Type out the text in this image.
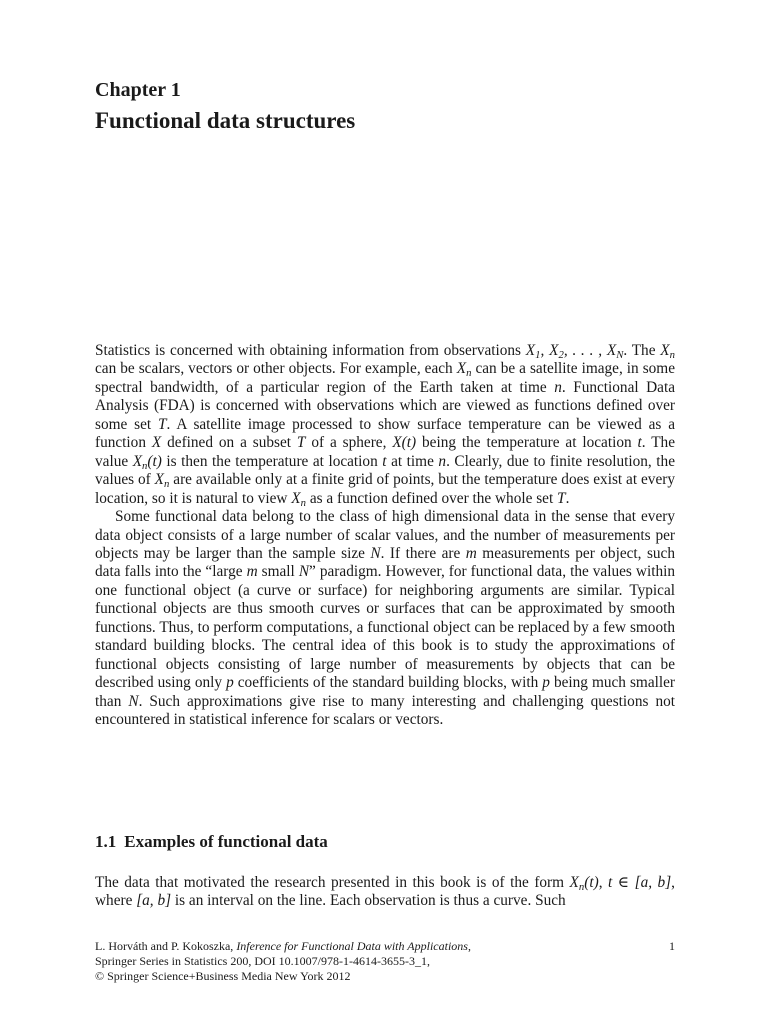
Chapter 1
Functional data structures

Statistics is concerned with obtaining information from observations $X_1$, $X_2$, . . . , $X_N$. The $X_n$ can be scalars, vectors or other objects. For example, each $X_n$ can be a satellite image, in some spectral bandwidth, of a particular region of the Earth taken at time n. Functional Data Analysis (FDA) is concerned with observations which are viewed as functions defined over some set T. A satellite image processed to show surface temperature can be viewed as a function X defined on a subset T of a sphere, X(t) being the temperature at location t. The value $X_n(t)$ is then the temperature at location t at time n. Clearly, due to finite resolution, the values of $X_n$ are available only at a finite grid of points, but the temperature does exist at every location, so it is natural to view $X_n$ as a function defined over the whole set T.

Some functional data belong to the class of high dimensional data in the sense that every data object consists of a large number of scalar values, and the number of measurements per objects may be larger than the sample size N. If there are m measurements per object, such data falls into the “large m small N” paradigm. However, for functional data, the values within one functional object (a curve or surface) for neighboring arguments are similar. Typical functional objects are thus smooth curves or surfaces that can be approximated by smooth functions. Thus, to perform computations, a functional object can be replaced by a few smooth standard building blocks. The central idea of this book is to study the approximations of functional objects consisting of large number of measurements by objects that can be described using only p coefficients of the standard building blocks, with p being much smaller than N. Such approximations give rise to many interesting and challenging questions not encountered in statistical inference for scalars or vectors.

1.1 Examples of functional data

The data that motivated the research presented in this book is of the form $X_n(t)$, t ∈ [a, b], where [a, b] is an interval on the line. Each observation is thus a curve. Such

L. Horváth and P. Kokoszka, Inference for Functional Data with Applications,
Springer Series in Statistics 200, DOI 10.1007/978-1-4614-3655-3_1,
© Springer Science+Business Media New York 2012
1
